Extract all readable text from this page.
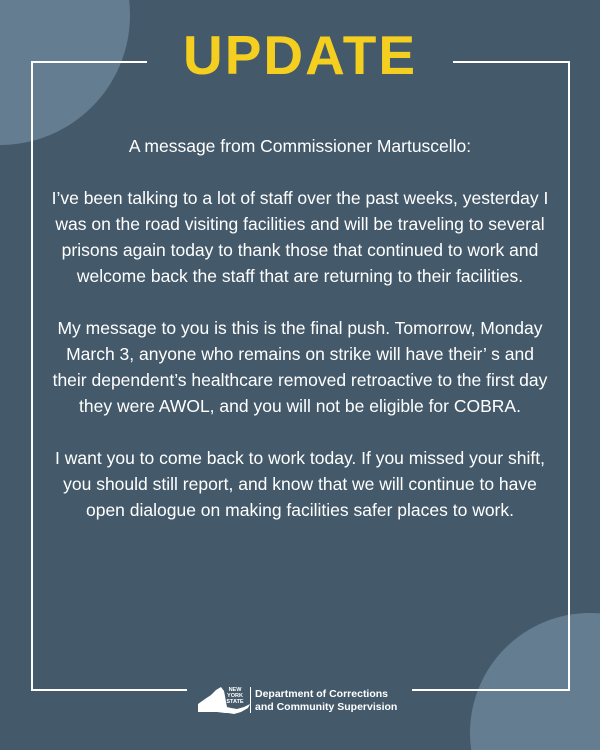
UPDATE

A message from Commissioner Martuscello:

I’ve been talking to a lot of staff over the past weeks, yesterday I was on the road visiting facilities and will be traveling to several prisons again today to thank those that continued to work and welcome back the staff that are returning to their facilities.

My message to you is this is the final push. Tomorrow, Monday March 3, anyone who remains on strike will have their’ s and their dependent’s healthcare removed retroactive to the first day they were AWOL, and you will not be eligible for COBRA.

I want you to come back to work today. If you missed your shift, you should still report, and know that we will continue to have open dialogue on making facilities safer places to work.

NEW YORK STATE
Department of Corrections
and Community Supervision
